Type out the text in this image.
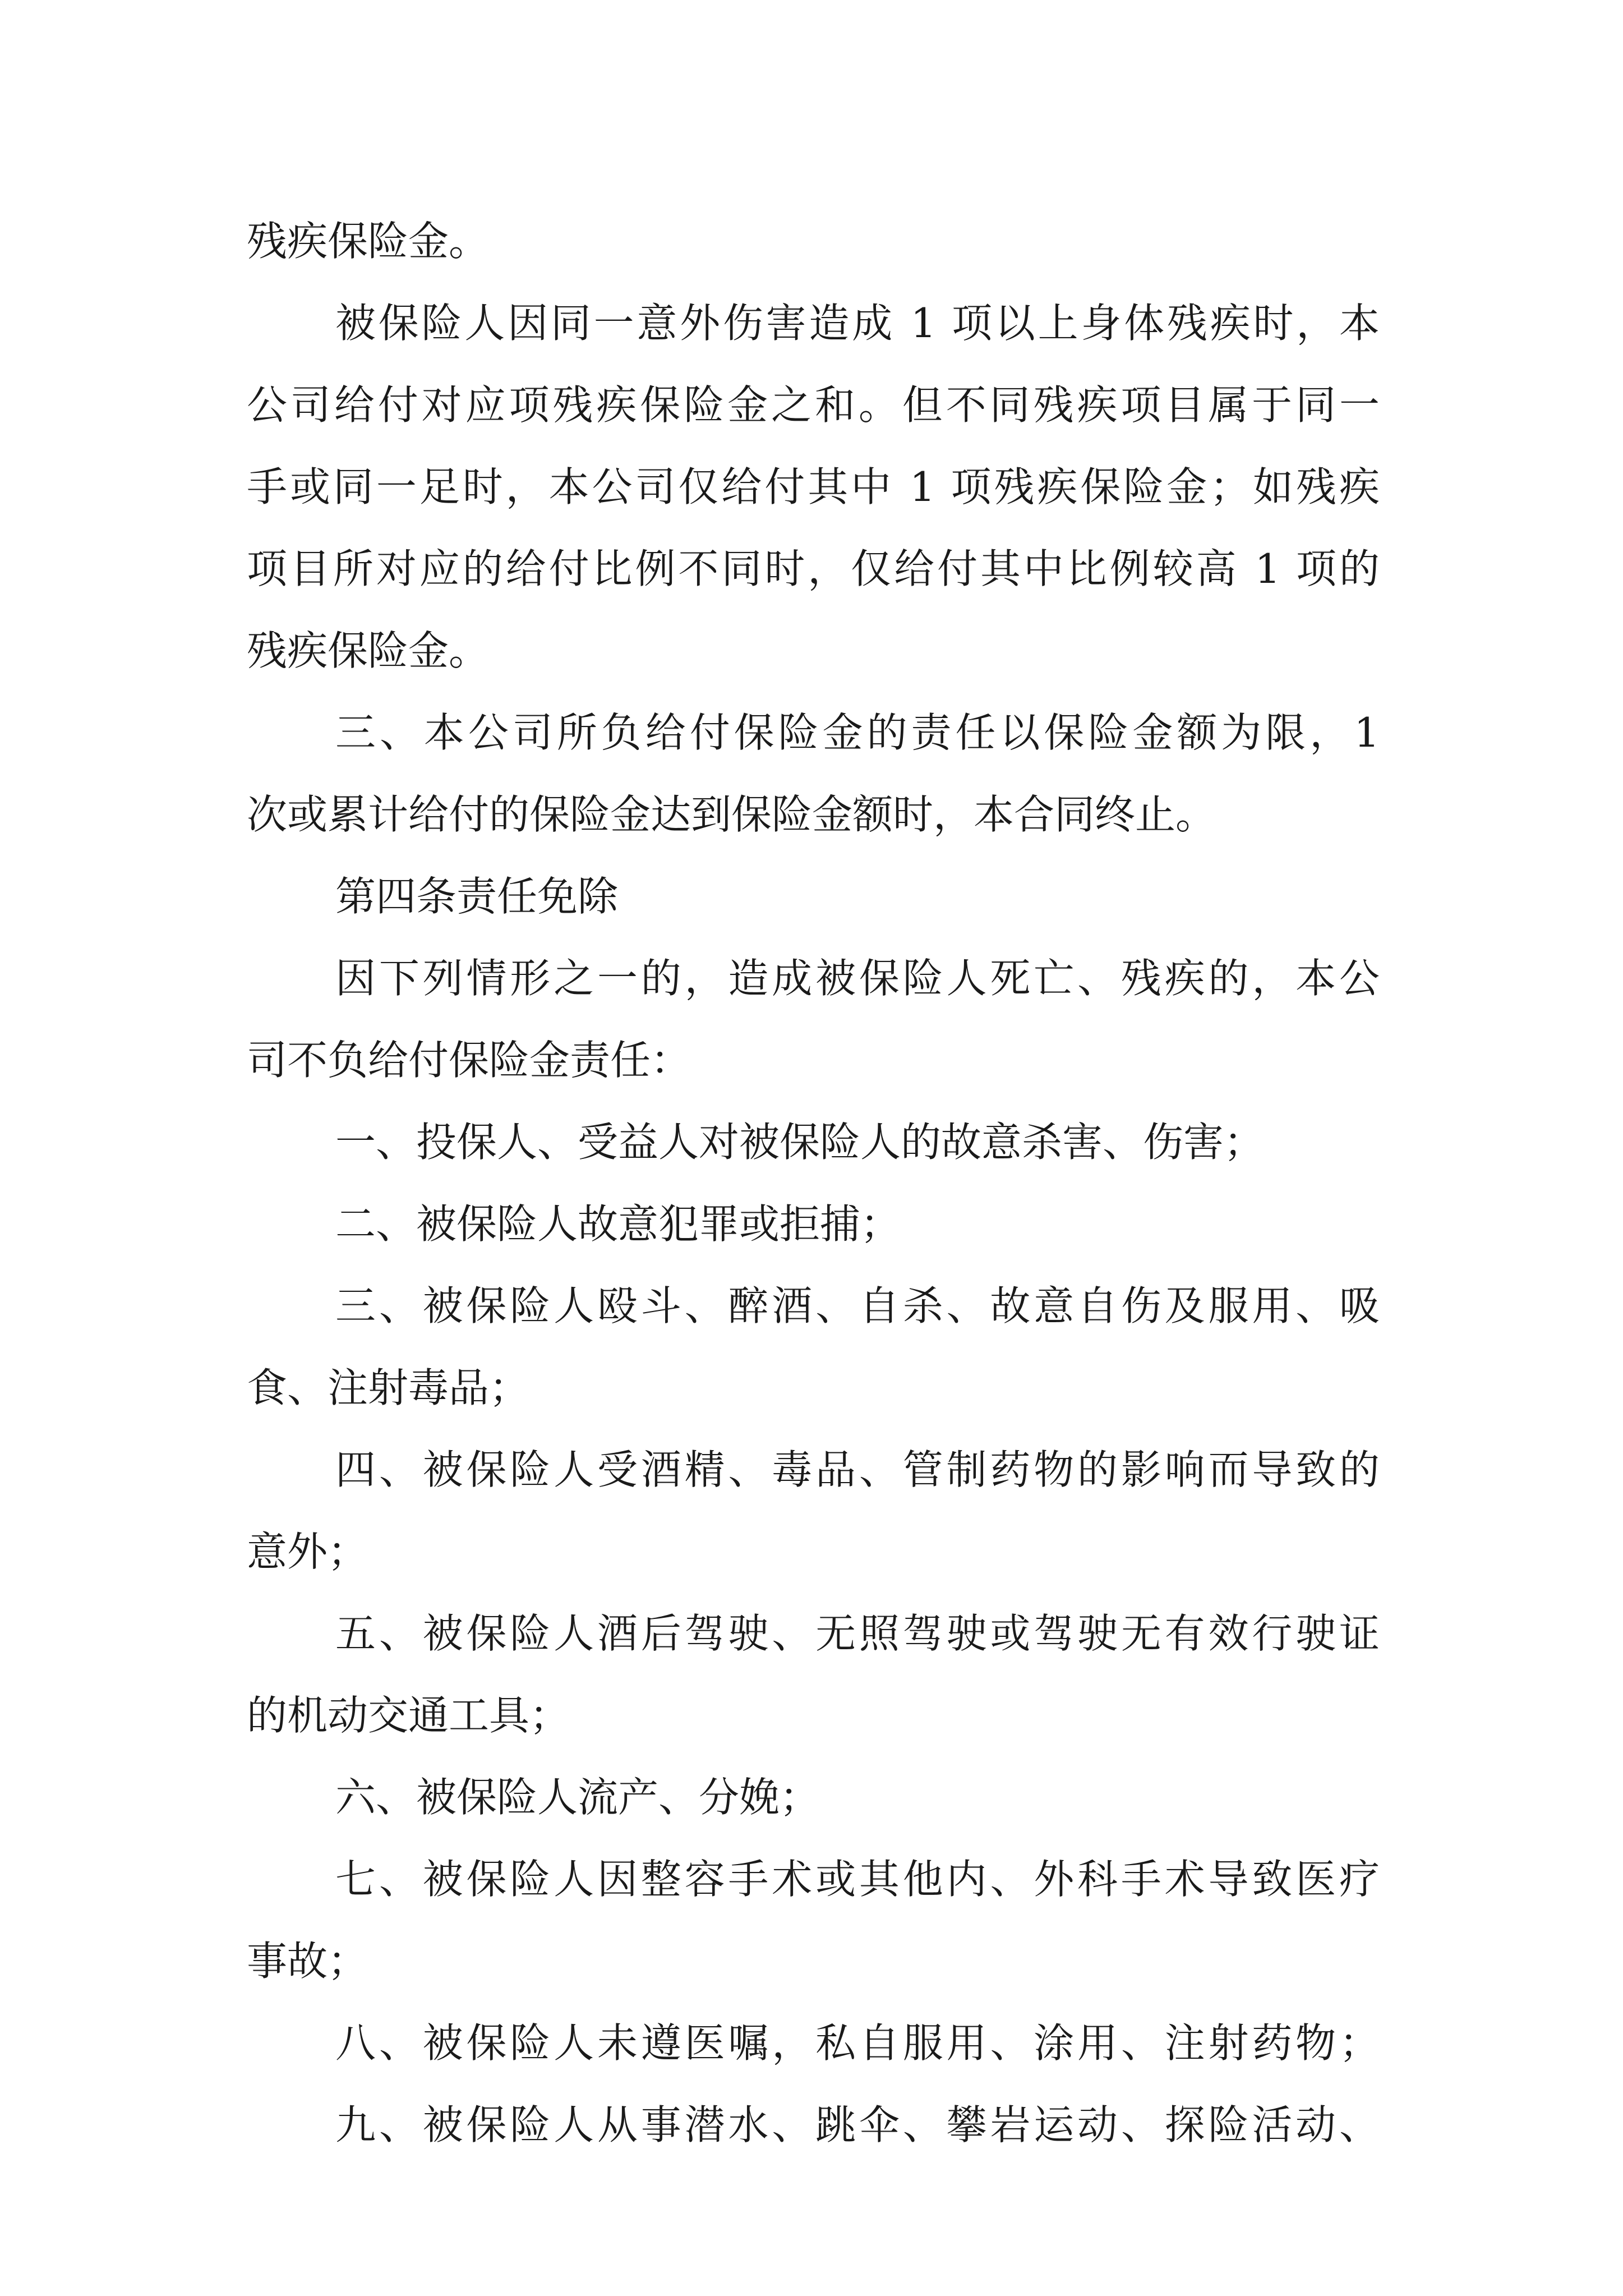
残疾保险金。
被保险人因同一意外伤害造成 1 项以上身体残疾时，本
公司给付对应项残疾保险金之和。但不同残疾项目属于同一
手或同一足时，本公司仅给付其中 1 项残疾保险金；如残疾
项目所对应的给付比例不同时，仅给付其中比例较高 1 项的
残疾保险金。
三、本公司所负给付保险金的责任以保险金额为限，1
次或累计给付的保险金达到保险金额时，本合同终止。
第四条责任免除
因下列情形之一的，造成被保险人死亡、残疾的，本公
司不负给付保险金责任：
一、投保人、受益人对被保险人的故意杀害、伤害；
二、被保险人故意犯罪或拒捕；
三、被保险人殴斗、醉酒、自杀、故意自伤及服用、吸
食、注射毒品；
四、被保险人受酒精、毒品、管制药物的影响而导致的
意外；
五、被保险人酒后驾驶、无照驾驶或驾驶无有效行驶证
的机动交通工具；
六、被保险人流产、分娩；
七、被保险人因整容手术或其他内、外科手术导致医疗
事故；
八、被保险人未遵医嘱，私自服用、涂用、注射药物；
九、被保险人从事潜水、跳伞、攀岩运动、探险活动、
